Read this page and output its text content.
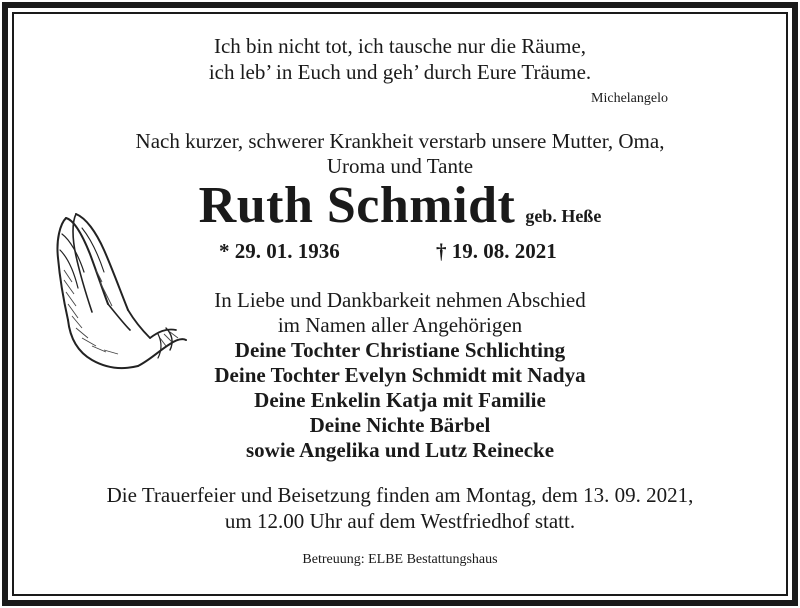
Ich bin nicht tot, ich tausche nur die Räume,
ich leb’ in Euch und geh’ durch Eure Träume.
Michelangelo
Nach kurzer, schwerer Krankheit verstarb unsere Mutter, Oma,
Uroma und Tante
Ruth Schmidt geb. Heße
* 29. 01. 1936	† 19. 08. 2021
In Liebe und Dankbarkeit nehmen Abschied
im Namen aller Angehörigen
Deine Tochter Christiane Schlichting
Deine Tochter Evelyn Schmidt mit Nadya
Deine Enkelin Katja mit Familie
Deine Nichte Bärbel
sowie Angelika und Lutz Reinecke
Die Trauerfeier und Beisetzung finden am Montag, dem 13. 09. 2021,
um 12.00 Uhr auf dem Westfriedhof statt.
Betreuung: ELBE Bestattungshaus
